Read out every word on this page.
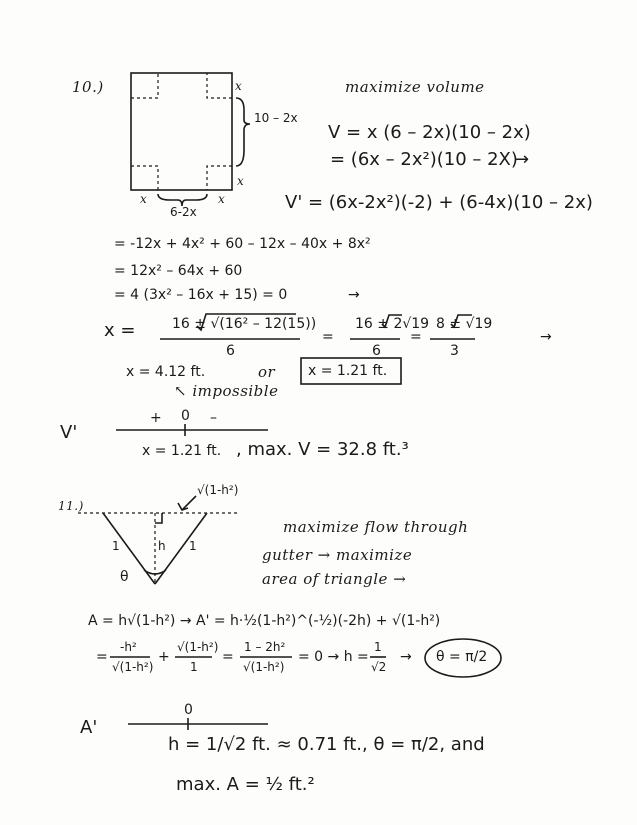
10.)	x
x
x	x
10 – 2x
6-2x
maximize volume
V = x (6 – 2x)(10 – 2x)
= (6x – 2x²)(10 – 2X)
→
V' = (6x-2x²)(-2) + (6-4x)(10 – 2x)
= -12x + 4x² + 60 – 12x – 40x + 8x²
= 12x² – 64x + 60
= 4 (3x² – 16x + 15) = 0	→
x =	16 ± √(16² – 12(15))
6
=
16 ± 2√19
6
=
8 ± √19
3
→
x = 4.12 ft.	or x = 1.21 ft.
↖ impossible
V'
+ 0 –
x = 1.21 ft. , max. V = 32.8 ft.³
11.)
√(1-h²)
h
1	1
θ
maximize flow through
gutter → maximize
area of triangle →
A = h√(1-h²) → A' = h·½(1-h²)^(-½)(-2h) + √(1-h²)
=
-h²
√(1-h²)
+
√(1-h²)
1
=
1 – 2h²
√(1-h²)
= 0 → h =
1
√2
→ θ = π/2
A'
0
h = 1/√2 ft. ≈ 0.71 ft., θ = π/2, and
max. A = ½ ft.²
